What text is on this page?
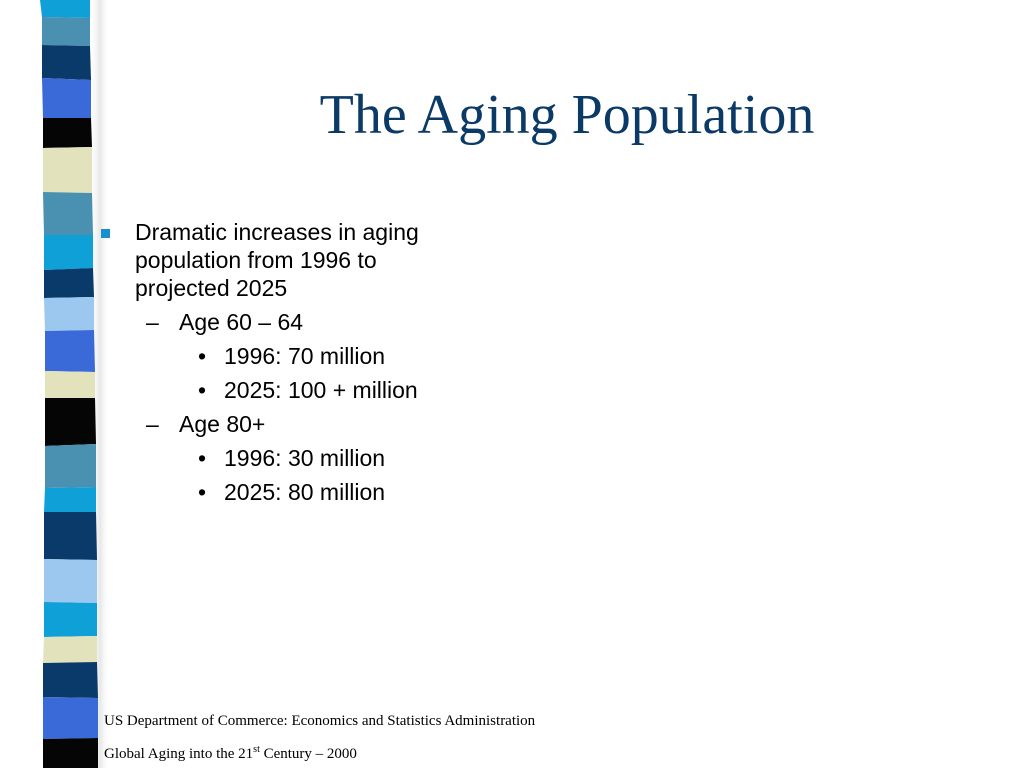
The Aging Population
Dramatic increases in aging population from 1996 to projected 2025
– Age 60 – 64
• 1996: 70 million
• 2025: 100 + million
– Age 80+
• 1996: 30 million
• 2025: 80 million
US Department of Commerce: Economics and Statistics Administration
Global Aging into the 21st Century – 2000
